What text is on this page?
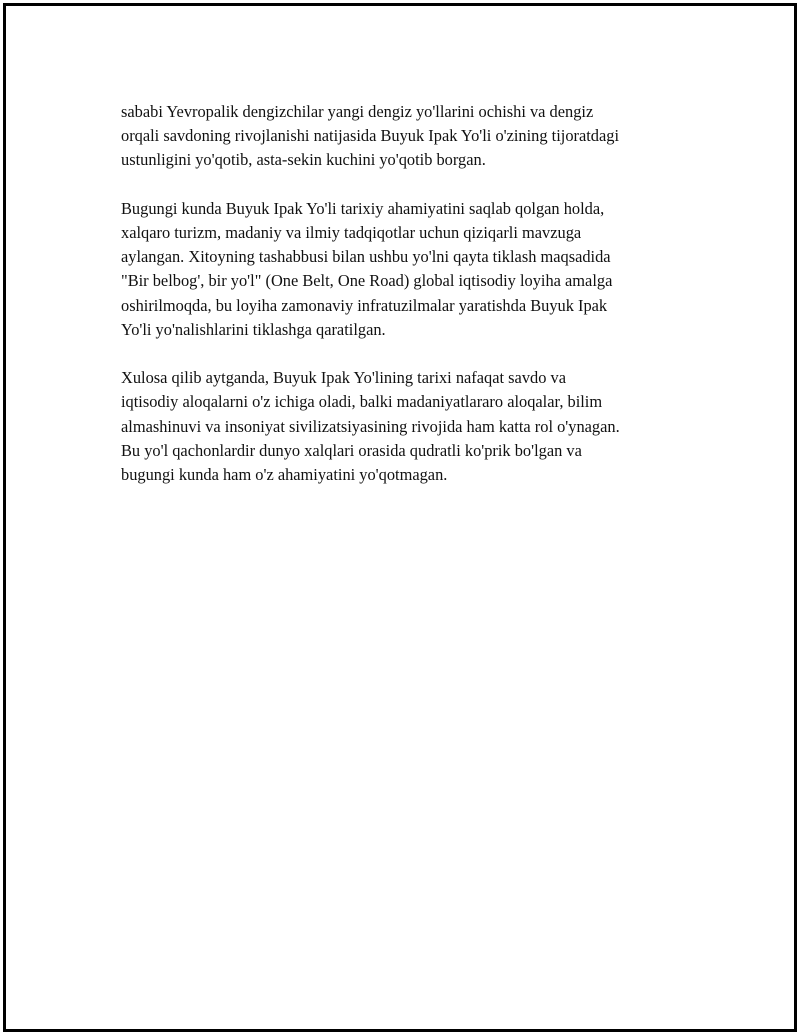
sababi Yevropalik dengizchilar yangi dengiz yo'llarini ochishi va dengiz
orqali savdoning rivojlanishi natijasida Buyuk Ipak Yo'li o'zining tijoratdagi
ustunligini yo'qotib, asta-sekin kuchini yo'qotib borgan.

Bugungi kunda Buyuk Ipak Yo'li tarixiy ahamiyatini saqlab qolgan holda,
xalqaro turizm, madaniy va ilmiy tadqiqotlar uchun qiziqarli mavzuga
aylangan. Xitoyning tashabbusi bilan ushbu yo'lni qayta tiklash maqsadida
"Bir belbog', bir yo'l" (One Belt, One Road) global iqtisodiy loyiha amalga
oshirilmoqda, bu loyiha zamonaviy infratuzilmalar yaratishda Buyuk Ipak
Yo'li yo'nalishlarini tiklashga qaratilgan.

Xulosa qilib aytganda, Buyuk Ipak Yo'lining tarixi nafaqat savdo va
iqtisodiy aloqalarni o'z ichiga oladi, balki madaniyatlararo aloqalar, bilim
almashinuvi va insoniyat sivilizatsiyasining rivojida ham katta rol o'ynagan.
Bu yo'l qachonlardir dunyo xalqlari orasida qudratli ko'prik bo'lgan va
bugungi kunda ham o'z ahamiyatini yo'qotmagan.
